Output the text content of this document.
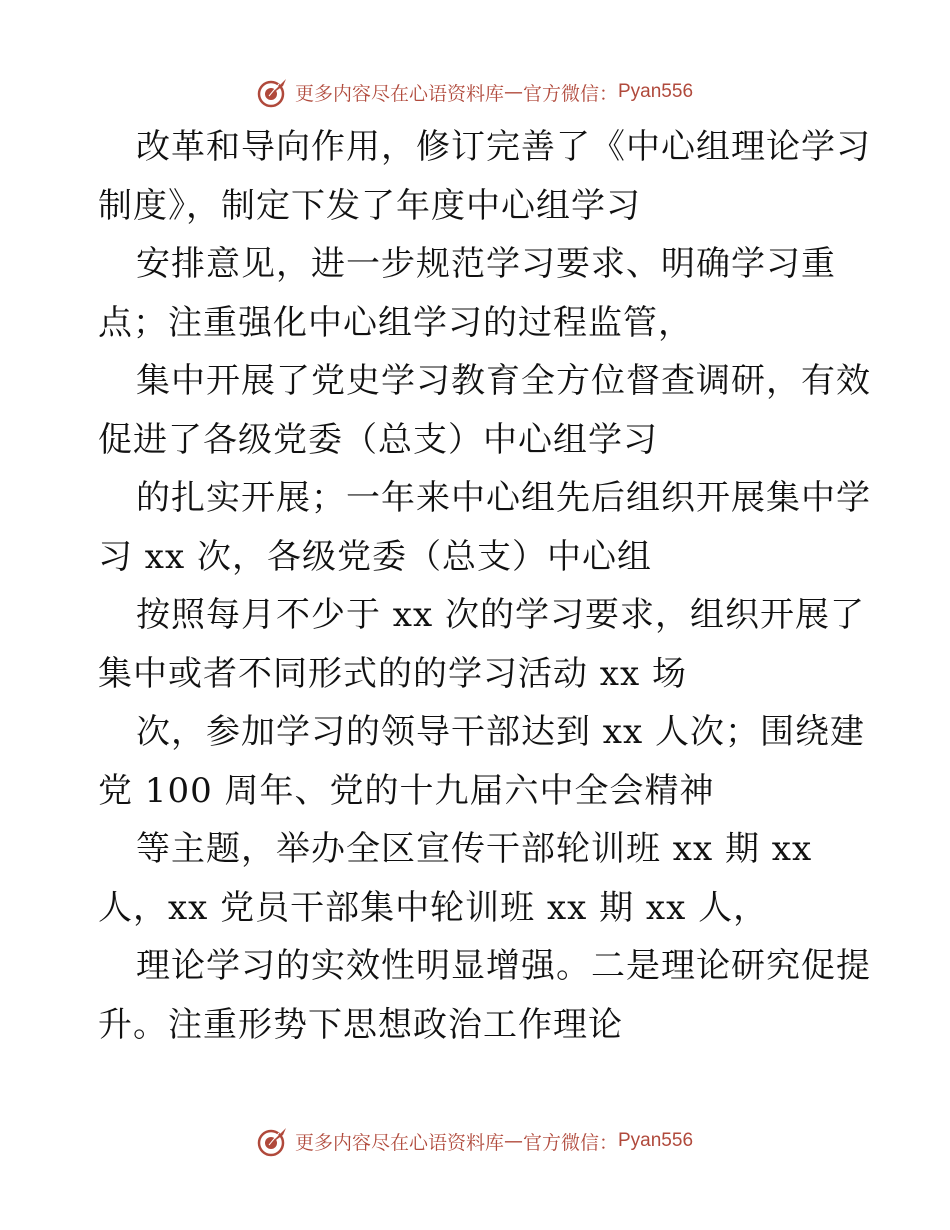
更多内容尽在心语资料库 — 官方微信： Pyan556
改革和导向作用，修订完善了《中心组理论学习
制度》，制定下发了年度中心组学习
安排意见，进一步规范学习要求、明确学习重
点；注重强化中心组学习的过程监管，
集中开展了党史学习教育全方位督查调研，有效
促进了各级党委（总支）中心组学习
的扎实开展；一年来中心组先后组织开展集中学
习 xx 次，各级党委（总支）中心组
按照每月不少于 xx 次的学习要求，组织开展了
集中或者不同形式的的学习活动 xx 场
次，参加学习的领导干部达到 xx 人次；围绕建
党 100 周年、党的十九届六中全会精神
等主题，举办全区宣传干部轮训班 xx 期 xx
人，xx 党员干部集中轮训班 xx 期 xx 人，
理论学习的实效性明显增强。二是理论研究促提
升。注重形势下思想政治工作理论
更多内容尽在心语资料库 — 官方微信： Pyan556
